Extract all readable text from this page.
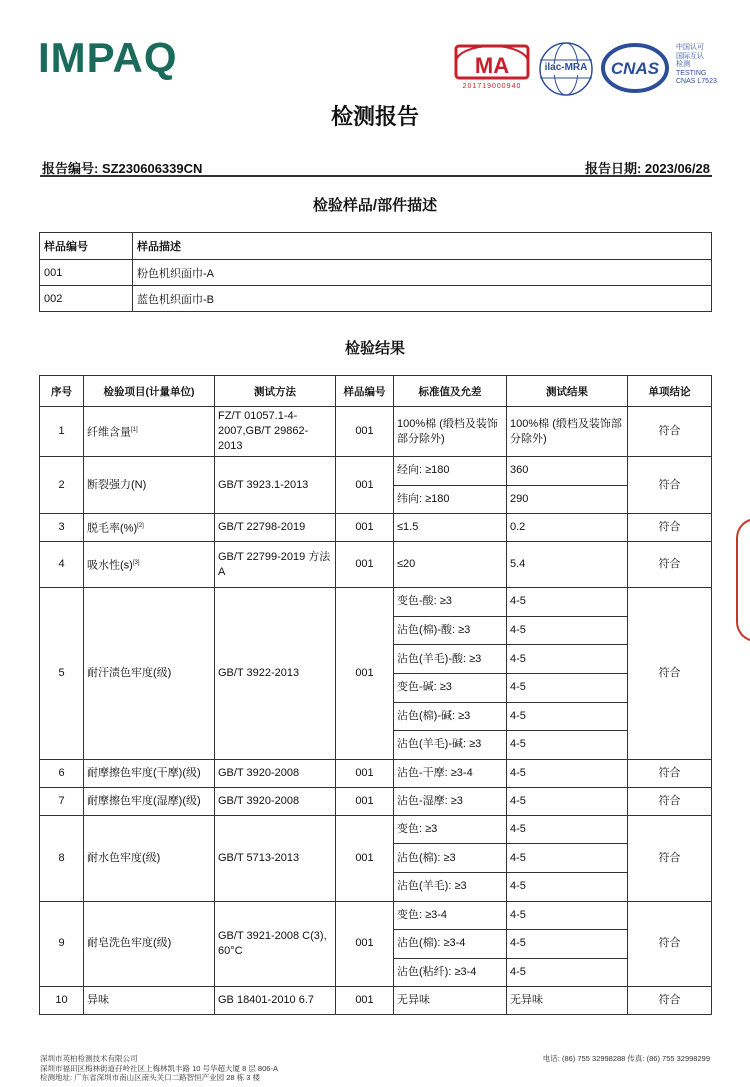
IMPAQ	MA
201719000940
ilac-MRA	CNAS
中国认可
国际互认
检测
TESTING
CNAS L7523
检测报告
报告编号: SZ230606339CN	报告日期: 2023/06/28
检验样品/部件描述
样品编号	样品描述
001	粉色机织面巾-A
002	蓝色机织面巾-B
检验结果
序号	检验项目(计量单位)	测试方法	样品编号	标准值及允差	测试结果	单项结论
1	纤维含量[1]	FZ/T 01057.1-4-2007,GB/T 29862-2013	001	100%棉 (缎档及装饰部分除外)	100%棉 (缎档及装饰部分除外)	符合
2	断裂强力(N)	GB/T 3923.1-2013	001	经向: ≥180	360	符合
				纬向: ≥180	290	
3	脱毛率(%)[2]	GB/T 22798-2019	001	≤1.5	0.2	符合
4	吸水性(s)[3]	GB/T 22799-2019 方法A	001	≤20	5.4	符合
5	耐汗渍色牢度(级)	GB/T 3922-2013	001	变色-酸: ≥3	4-5	符合
				沾色(棉)-酸: ≥3	4-5	
				沾色(羊毛)-酸: ≥3	4-5	
				变色-碱: ≥3	4-5	
				沾色(棉)-碱: ≥3	4-5	
				沾色(羊毛)-碱: ≥3	4-5	
6	耐摩擦色牢度(干摩)(级)	GB/T 3920-2008	001	沾色-干摩: ≥3-4	4-5	符合
7	耐摩擦色牢度(湿摩)(级)	GB/T 3920-2008	001	沾色-湿摩: ≥3	4-5	符合
8	耐水色牢度(级)	GB/T 5713-2013	001	变色: ≥3	4-5	符合
				沾色(棉): ≥3	4-5	
				沾色(羊毛): ≥3	4-5	
9	耐皂洗色牢度(级)	GB/T 3921-2008 C(3), 60°C	001	变色: ≥3-4	4-5	符合
				沾色(棉): ≥3-4	4-5	
				沾色(粘纤): ≥3-4	4-5	
10	异味	GB 18401-2010 6.7	001	无异味	无异味	符合
深圳市英柏检测技术有限公司
深圳市福田区梅林街道孖岭社区上梅林凯丰路 10 号华超大厦 8 层 806-A
检测地址: 广东省深圳市南山区南头关口二路智恒产业园 28 栋 3 楼
电话: (86) 755 32998288 传真: (86) 755 32998299
